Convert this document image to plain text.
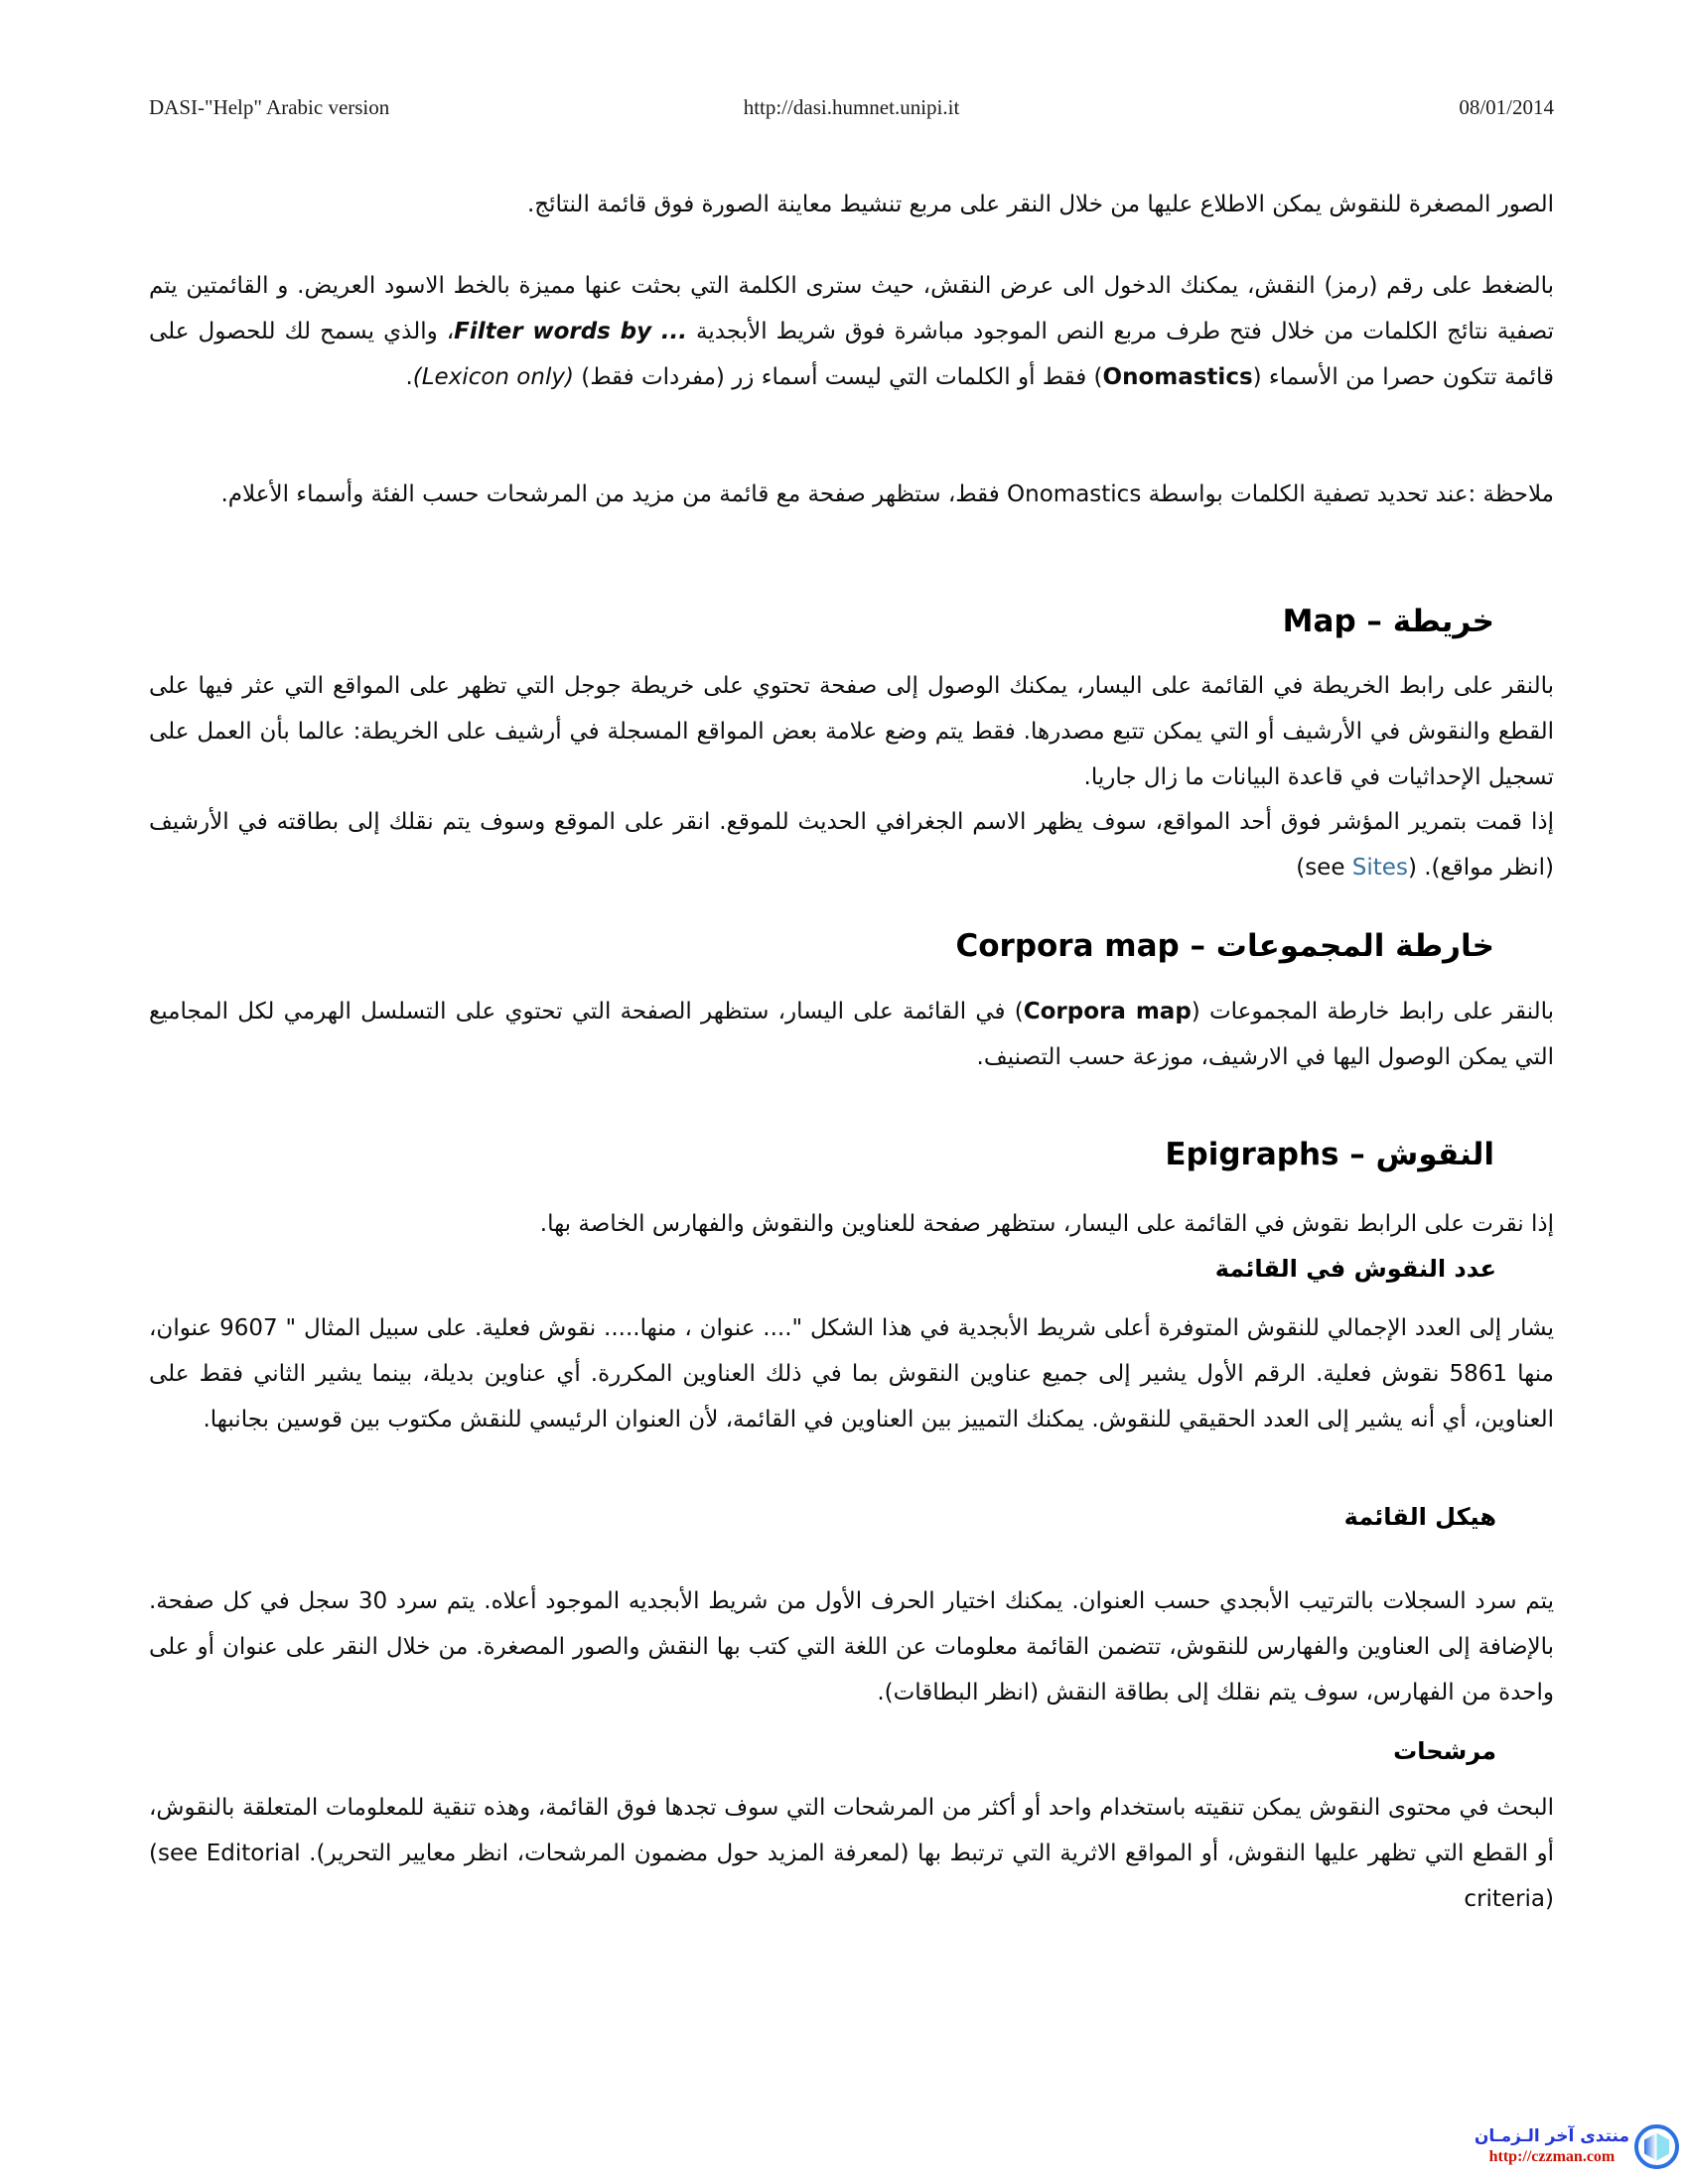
DASI-"Help" Arabic version	http://dasi.humnet.unipi.it	08/01/2014

الصور المصغرة للنقوش يمكن الاطلاع عليها من خلال النقر على مربع تنشيط معاينة الصورة فوق قائمة النتائج.

بالضغط على رقم (رمز) النقش، يمكنك الدخول الى عرض النقش، حيث سترى الكلمة التي بحثت عنها مميزة بالخط الاسود العريض. و القائمتين يتم تصفية نتائج الكلمات من خلال فتح طرف مربع النص الموجود مباشرة فوق شريط الأبجدية Filter words by ...، والذي يسمح لك للحصول على قائمة تتكون حصرا من الأسماء (Onomastics) فقط أو الكلمات التي ليست أسماء زر (مفردات فقط) (Lexicon only).

ملاحظة :عند تحديد تصفية الكلمات بواسطة Onomastics فقط، ستظهر صفحة مع قائمة من مزيد من المرشحات حسب الفئة وأسماء الأعلام.

خريطة – Map

بالنقر على رابط الخريطة في القائمة على اليسار، يمكنك الوصول إلى صفحة تحتوي على خريطة جوجل التي تظهر على المواقع التي عثر فيها على القطع والنقوش في الأرشيف أو التي يمكن تتبع مصدرها. فقط يتم وضع علامة بعض المواقع المسجلة في أرشيف على الخريطة: عالما بأن العمل على تسجيل الإحداثيات في قاعدة البيانات ما زال جاريا.

إذا قمت بتمرير المؤشر فوق أحد المواقع، سوف يظهر الاسم الجغرافي الحديث للموقع. انقر على الموقع وسوف يتم نقلك إلى بطاقته في الأرشيف (انظر مواقع). (see Sites)

خارطة المجموعات – Corpora map

بالنقر على رابط خارطة المجموعات (Corpora map) في القائمة على اليسار، ستظهر الصفحة التي تحتوي على التسلسل الهرمي لكل المجاميع التي يمكن الوصول اليها في الارشيف، موزعة حسب التصنيف.

النقوش – Epigraphs

إذا نقرت على الرابط نقوش في القائمة على اليسار، ستظهر صفحة للعناوين والنقوش والفهارس الخاصة بها.

عدد النقوش في القائمة

يشار إلى العدد الإجمالي للنقوش المتوفرة أعلى شريط الأبجدية في هذا الشكل ".... عنوان ، منها..... نقوش فعلية. على سبيل المثال " 9607 عنوان، منها 5861 نقوش فعلية. الرقم الأول يشير إلى جميع عناوين النقوش بما في ذلك العناوين المكررة. أي عناوين بديلة، بينما يشير الثاني فقط على العناوين، أي أنه يشير إلى العدد الحقيقي للنقوش. يمكنك التمييز بين العناوين في القائمة، لأن العنوان الرئيسي للنقش مكتوب بين قوسين بجانبها.

هيكل القائمة

يتم سرد السجلات بالترتيب الأبجدي حسب العنوان. يمكنك اختيار الحرف الأول من شريط الأبجديه الموجود أعلاه. يتم سرد 30 سجل في كل صفحة. بالإضافة إلى العناوين والفهارس للنقوش، تتضمن القائمة معلومات عن اللغة التي كتب بها النقش والصور المصغرة. من خلال النقر على عنوان أو على واحدة من الفهارس، سوف يتم نقلك إلى بطاقة النقش (انظر البطاقات).

مرشحات

البحث في محتوى النقوش يمكن تنقيته باستخدام واحد أو أكثر من المرشحات التي سوف تجدها فوق القائمة، وهذه تنقية للمعلومات المتعلقة بالنقوش، أو القطع التي تظهر عليها النقوش، أو المواقع الاثرية التي ترتبط بها (لمعرفة المزيد حول مضمون المرشحات، انظر معايير التحرير). (see Editorial criteria)

منتدى آخر الـزمـان
http://czzman.com
